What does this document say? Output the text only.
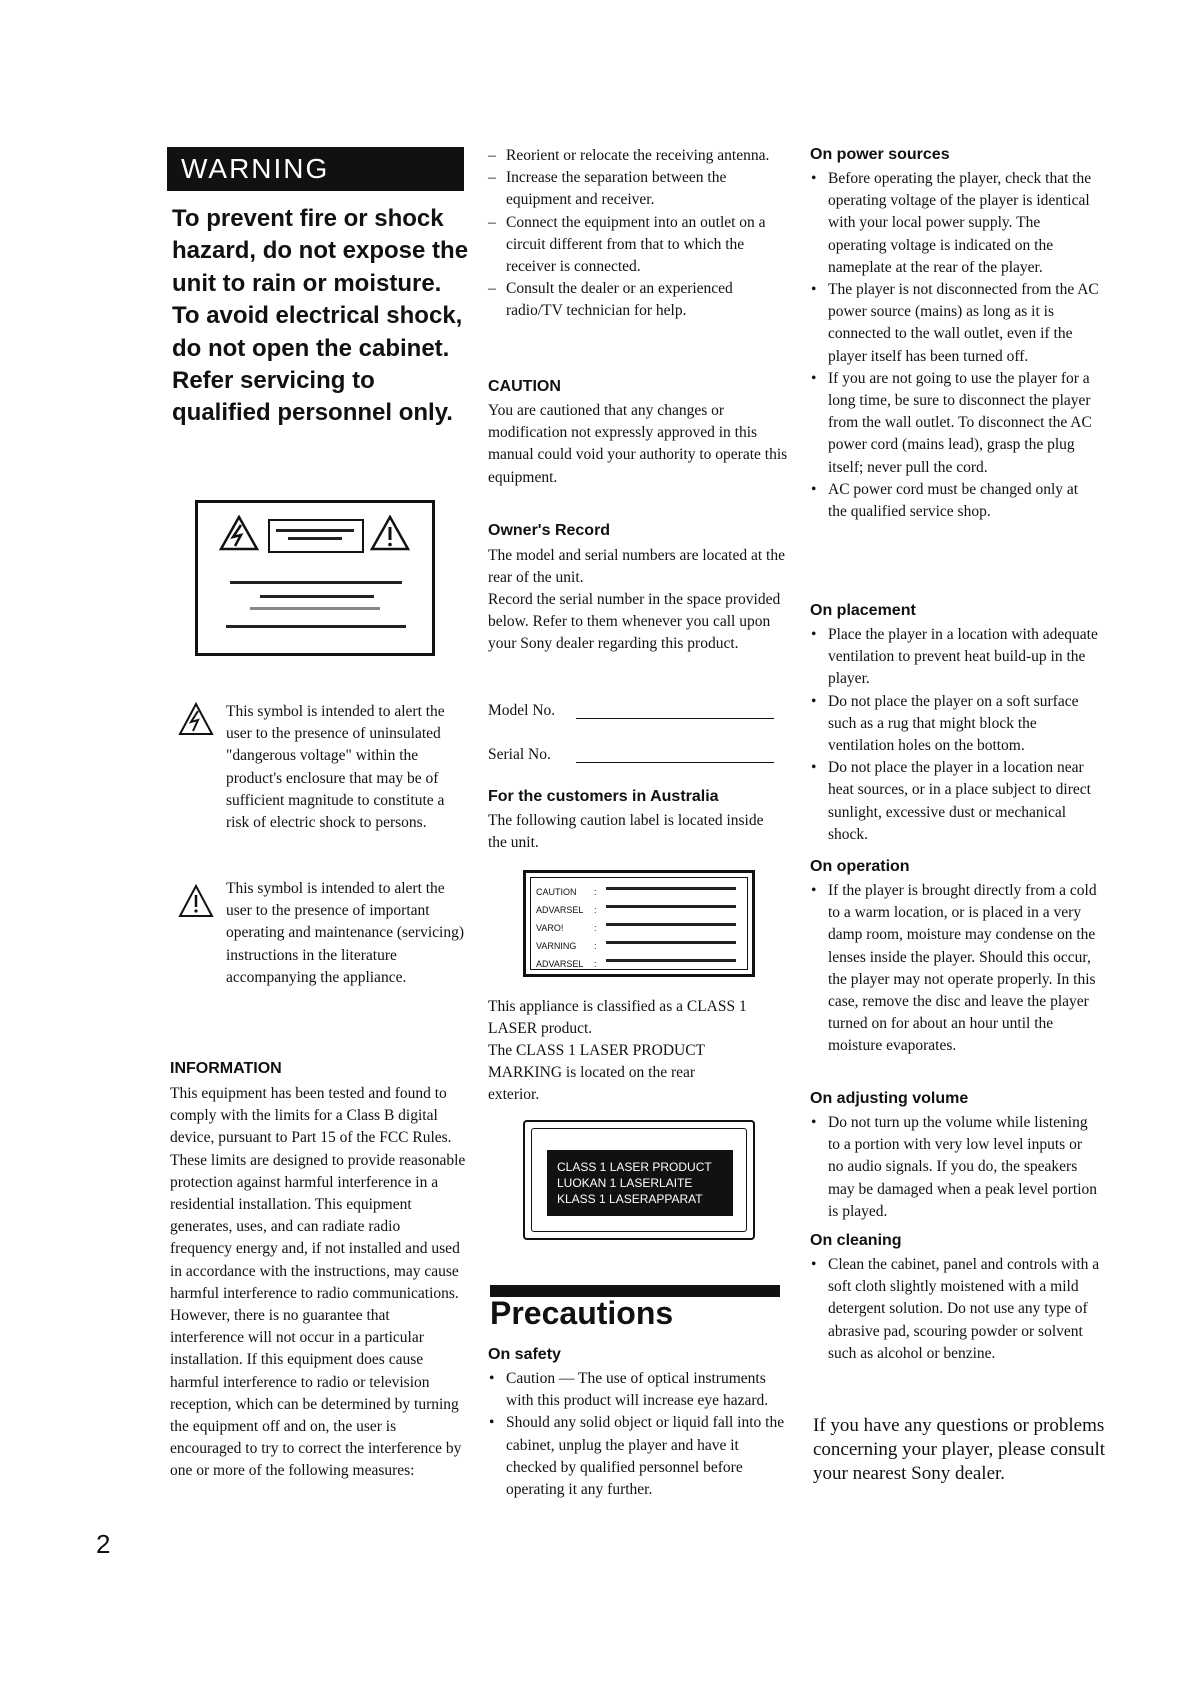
WARNING
To prevent fire or shock hazard, do not expose the unit to rain or moisture.
To avoid electrical shock, do not open the cabinet. Refer servicing to qualified personnel only.
This symbol is intended to alert the user to the presence of uninsulated "dangerous voltage" within the product's enclosure that may be of sufficient magnitude to constitute a risk of electric shock to persons.
This symbol is intended to alert the user to the presence of important operating and maintenance (servicing) instructions in the literature accompanying the appliance.
INFORMATION

This equipment has been tested and found to comply with the limits for a Class B digital device, pursuant to Part 15 of the FCC Rules. These limits are designed to provide reasonable protection against harmful interference in a residential installation. This equipment generates, uses, and can radiate radio frequency energy and, if not installed and used in accordance with the instructions, may cause harmful interference to radio communications. However, there is no guarantee that interference will not occur in a particular installation. If this equipment does cause harmful interference to radio or television reception, which can be determined by turning the equipment off and on, the user is encouraged to try to correct the interference by one or more of the following measures:

2
– Reorient or relocate the receiving antenna.
– Increase the separation between the equipment and receiver.
– Connect the equipment into an outlet on a circuit different from that to which the receiver is connected.
– Consult the dealer or an experienced radio/TV technician for help.
CAUTION

You are cautioned that any changes or modification not expressly approved in this manual could void your authority to operate this equipment.

Owner's Record

The model and serial numbers are located at the rear of the unit.

Record the serial number in the space provided below. Refer to them whenever you call upon your Sony dealer regarding this product.

Model No.
Serial No.
For the customers in Australia

The following caution label is located inside the unit.

CAUTION
ADVARSEL
VARO!
VARNING
ADVARSEL
:
:
:
:
:

This appliance is classified as a CLASS 1 LASER product.

The CLASS 1 LASER PRODUCT MARKING is located on the rear exterior.

CLASS 1 LASER PRODUCT
LUOKAN 1 LASERLAITE
KLASS 1 LASERAPPARAT
Precautions
On safety
• Caution — The use of optical instruments with this product will increase eye hazard.
• Should any solid object or liquid fall into the cabinet, unplug the player and have it checked by qualified personnel before operating it any further.
On power sources
• Before operating the player, check that the operating voltage of the player is identical with your local power supply. The operating voltage is indicated on the nameplate at the rear of the player.
• The player is not disconnected from the AC power source (mains) as long as it is connected to the wall outlet, even if the player itself has been turned off.
• If you are not going to use the player for a long time, be sure to disconnect the player from the wall outlet. To disconnect the AC power cord (mains lead), grasp the plug itself; never pull the cord.
• AC power cord must be changed only at the qualified service shop.
On placement
• Place the player in a location with adequate ventilation to prevent heat build-up in the player.
• Do not place the player on a soft surface such as a rug that might block the ventilation holes on the bottom.
• Do not place the player in a location near heat sources, or in a place subject to direct sunlight, excessive dust or mechanical shock.
On operation
• If the player is brought directly from a cold to a warm location, or is placed in a very damp room, moisture may condense on the lenses inside the player. Should this occur, the player may not operate properly. In this case, remove the disc and leave the player turned on for about an hour until the moisture evaporates.
On adjusting volume
• Do not turn up the volume while listening to a portion with very low level inputs or no audio signals. If you do, the speakers may be damaged when a peak level portion is played.
On cleaning
• Clean the cabinet, panel and controls with a soft cloth slightly moistened with a mild detergent solution. Do not use any type of abrasive pad, scouring powder or solvent such as alcohol or benzine.
If you have any questions or problems concerning your player, please consult your nearest Sony dealer.
